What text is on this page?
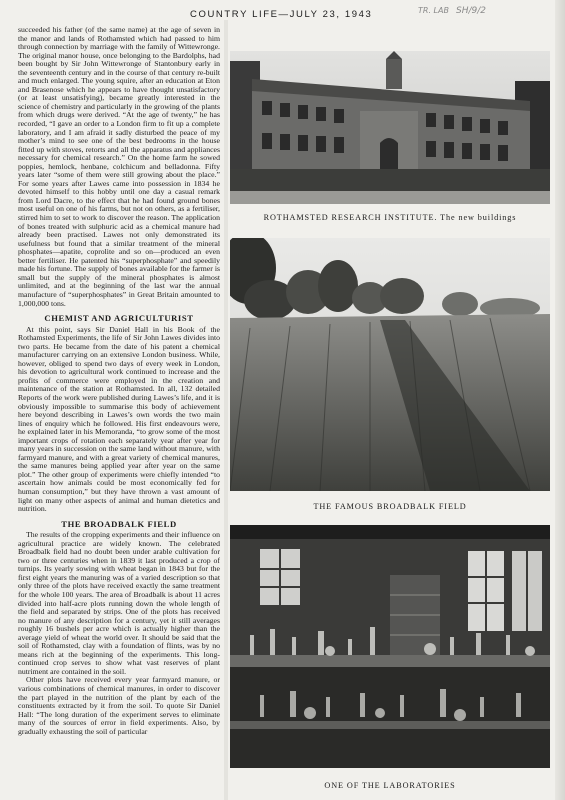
COUNTRY LIFE—JULY 23, 1943	TR. LAB SH/9/2

succeeded his father (of the same name) at the age of seven in the manor and lands of Rothamsted which had passed to him through connection by marriage with the family of Wittewronge. The original manor house, once belonging to the Bardolphs, had been bought by Sir John Wittewronge of Stantonbury early in the seventeenth century and in the course of that century re-built and much enlarged. The young squire, after an education at Eton and Brasenose which he appears to have thought unsatisfactory (or at least unsatisfying), became greatly interested in the science of chemistry and particularly in the growing of the plants from which drugs were derived. “At the age of twenty,” he has recorded, “I gave an order to a London firm to fit up a complete laboratory, and I am afraid it sadly disturbed the peace of my mother’s mind to see one of the best bedrooms in the house fitted up with stoves, retorts and all the apparatus and appliances necessary for chemical research.” On the home farm he sowed poppies, hemlock, henbane, colchicum and belladonna. Fifty years later “some of them were still growing about the place.” For some years after Lawes came into possession in 1834 he devoted himself to this hobby until one day a casual remark from Lord Dacre, to the effect that he had found ground bones most useful on one of his farms, but not on others, as a fertiliser, stirred him to set to work to discover the reason. The application of bones treated with sulphuric acid as a chemical manure had already been practised. Lawes not only demonstrated its usefulness but found that a similar treatment of the mineral phosphates—apatite, coprolite and so on—produced an even better fertiliser. He patented his “superphosphate” and speedily made his fortune. The supply of bones available for the farmer is small but the supply of the mineral phosphates is almost unlimited, and at the beginning of the last war the annual manufacture of “superphosphates” in Great Britain amounted to 1,000,000 tons.

CHEMIST AND AGRICULTURIST

At this point, says Sir Daniel Hall in his Book of the Rothamsted Experiments, the life of Sir John Lawes divides into two parts. He became from the date of his patent a chemical manufacturer carrying on an extensive London business. While, however, obliged to spend two days of every week in London, his devotion to agricultural work continued to increase and the profits of commerce were employed in the creation and maintenance of the station at Rothamsted. In all, 132 detailed Reports of the work were published during Lawes’s life, and it is obviously impossible to summarise this body of achievement here beyond describing in Lawes’s own words the two main lines of enquiry which he followed. His first endeavours were, he explained later in his Memoranda, “to grow some of the most important crops of rotation each separately year after year for many years in succession on the same land without manure, with farmyard manure, and with a great variety of chemical manures, the same manures being applied year after year on the same plot.” The other group of experiments were chiefly intended “to ascertain how animals could be most economically fed for human consumption,” but they have thrown a vast amount of light on many other aspects of animal and human dietetics and nutrition.

THE BROADBALK FIELD

The results of the cropping experiments and their influence on agricultural practice are widely known. The celebrated Broadbalk field had no doubt been under arable cultivation for two or three centuries when in 1839 it last produced a crop of turnips. Its yearly sowing with wheat began in 1843 but for the first eight years the manuring was of a varied description so that only three of the plots have received exactly the same treatment for the whole 100 years. The area of Broadbalk is about 11 acres divided into half-acre plots running down the whole length of the field and separated by strips. One of the plots has received no manure of any description for a century, yet it still averages roughly 16 bushels per acre which is actually higher than the average yield of wheat the world over. It should be said that the soil of Rothamsted, clay with a foundation of flints, was by no means rich at the beginning of the experiments. This long-continued crop serves to show what vast reserves of plant nutriment are contained in the soil.

Other plots have received every year farmyard manure, or various combinations of chemical manures, in order to discover the part played in the nutrition of the plant by each of the constituents extracted by it from the soil. To quote Sir Daniel Hall: “The long duration of the experiment serves to eliminate many of the sources of error in field experiments. Also, by gradually exhausting the soil of particular

ROTHAMSTED RESEARCH INSTITUTE. The new buildings
THE FAMOUS BROADBALK FIELD
ONE OF THE LABORATORIES
